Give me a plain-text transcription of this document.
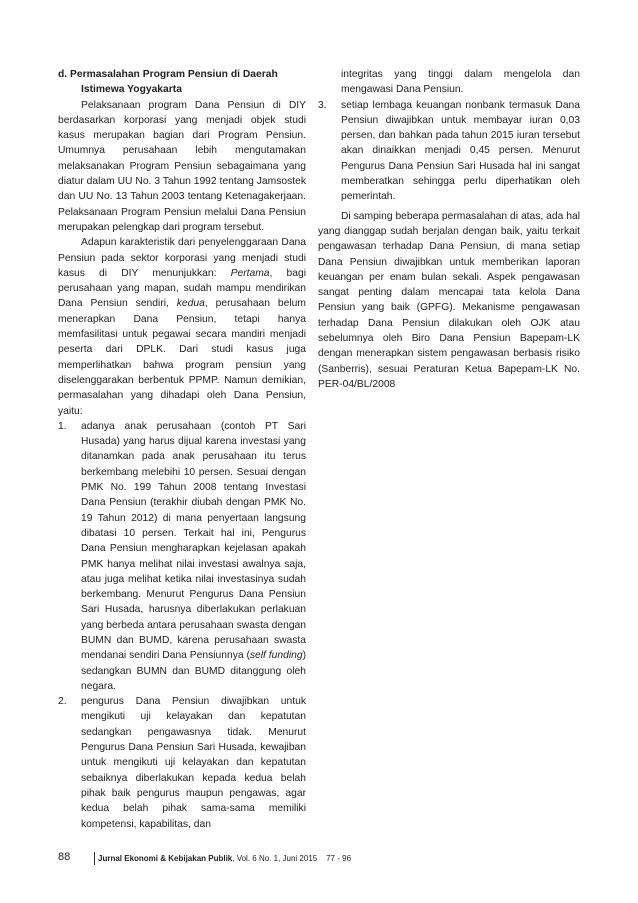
d. Permasalahan Program Pensiun di Daerah
Istimewa Yogyakarta

Pelaksanaan program Dana Pensiun di DIY berdasarkan korporasi yang menjadi objek studi kasus merupakan bagian dari Program Pensiun. Umumnya perusahaan lebih mengutamakan melaksanakan Program Pensiun sebagaimana yang diatur dalam UU No. 3 Tahun 1992 tentang Jamsostek dan UU No. 13 Tahun 2003 tentang Ketenagakerjaan. Pelaksanaan Program Pensiun melalui Dana Pensiun merupakan pelengkap dari program tersebut.

Adapun karakteristik dari penyelenggaraan Dana Pensiun pada sektor korporasi yang menjadi studi kasus di DIY menunjukkan: Pertama, bagi perusahaan yang mapan, sudah mampu mendirikan Dana Pensiun sendiri, kedua, perusahaan belum menerapkan Dana Pensiun, tetapi hanya memfasilitasi untuk pegawai secara mandiri menjadi peserta dari DPLK. Dari studi kasus juga memperlihatkan bahwa program pensiun yang diselenggarakan berbentuk PPMP. Namun demikian, permasalahan yang dihadapi oleh Dana Pensiun, yaitu:

1. adanya anak perusahaan (contoh PT Sari Husada) yang harus dijual karena investasi yang ditanamkan pada anak perusahaan itu terus berkembang melebihi 10 persen. Sesuai dengan PMK No. 199 Tahun 2008 tentang Investasi Dana Pensiun (terakhir diubah dengan PMK No. 19 Tahun 2012) di mana penyertaan langsung dibatasi 10 persen. Terkait hal ini, Pengurus Dana Pensiun mengharapkan kejelasan apakah PMK hanya melihat nilai investasi awalnya saja, atau juga melihat ketika nilai investasinya sudah berkembang. Menurut Pengurus Dana Pensiun Sari Husada, harusnya diberlakukan perlakuan yang berbeda antara perusahaan swasta dengan BUMN dan BUMD, karena perusahaan swasta mendanai sendiri Dana Pensiunnya (self funding) sedangkan BUMN dan BUMD ditanggung oleh negara.
2. pengurus Dana Pensiun diwajibkan untuk mengikuti uji kelayakan dan kepatutan sedangkan pengawasnya tidak. Menurut Pengurus Dana Pensiun Sari Husada, kewajiban untuk mengikuti uji kelayakan dan kepatutan sebaiknya diberlakukan kepada kedua belah pihak baik pengurus maupun pengawas, agar kedua belah pihak sama-sama memiliki kompetensi, kapabilitas, dan

integritas yang tinggi dalam mengelola dan mengawasi Dana Pensiun.

3. setiap lembaga keuangan nonbank termasuk Dana Pensiun diwajibkan untuk membayar iuran 0,03 persen, dan bahkan pada tahun 2015 iuran tersebut akan dinaikkan menjadi 0,45 persen. Menurut Pengurus Dana Pensiun Sari Husada hal ini sangat memberatkan sehingga perlu diperhatikan oleh pemerintah.

Di samping beberapa permasalahan di atas, ada hal yang dianggap sudah berjalan dengan baik, yaitu terkait pengawasan terhadap Dana Pensiun, di mana setiap Dana Pensiun diwajibkan untuk memberikan laporan keuangan per enam bulan sekali. Aspek pengawasan sangat penting dalam mencapai tata kelola Dana Pensiun yang baik (GPFG). Mekanisme pengawasan terhadap Dana Pensiun dilakukan oleh OJK atau sebelumnya oleh Biro Dana Pensiun Bapepam-LK dengan menerapkan sistem pengawasan berbasis risiko (Sanberris), sesuai Peraturan Ketua Bapepam-LK No. PER-04/BL/2008

88	Jurnal Ekonomi & Kebijakan Publik, Vol. 6 No. 1, Juni 2015 77 - 96
